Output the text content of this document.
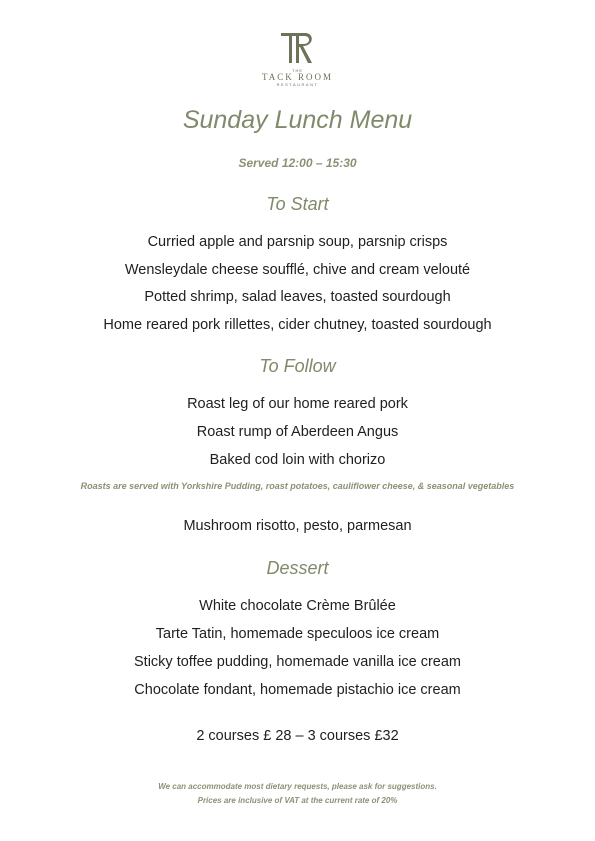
THE
TACK ROOM
RESTAURANT
Sunday Lunch Menu
Served 12:00 – 15:30
To Start
Curried apple and parsnip soup, parsnip crisps
Wensleydale cheese soufflé, chive and cream velouté
Potted shrimp, salad leaves, toasted sourdough
Home reared pork rillettes, cider chutney, toasted sourdough
To Follow
Roast leg of our home reared pork
Roast rump of Aberdeen Angus
Baked cod loin with chorizo
Roasts are served with Yorkshire Pudding, roast potatoes, cauliflower cheese, & seasonal vegetables
Mushroom risotto, pesto, parmesan
Dessert
White chocolate Crème Brûlée
Tarte Tatin, homemade speculoos ice cream
Sticky toffee pudding, homemade vanilla ice cream
Chocolate fondant, homemade pistachio ice cream
2 courses £ 28 – 3 courses £32
We can accommodate most dietary requests, please ask for suggestions.
Prices are inclusive of VAT at the current rate of 20%
